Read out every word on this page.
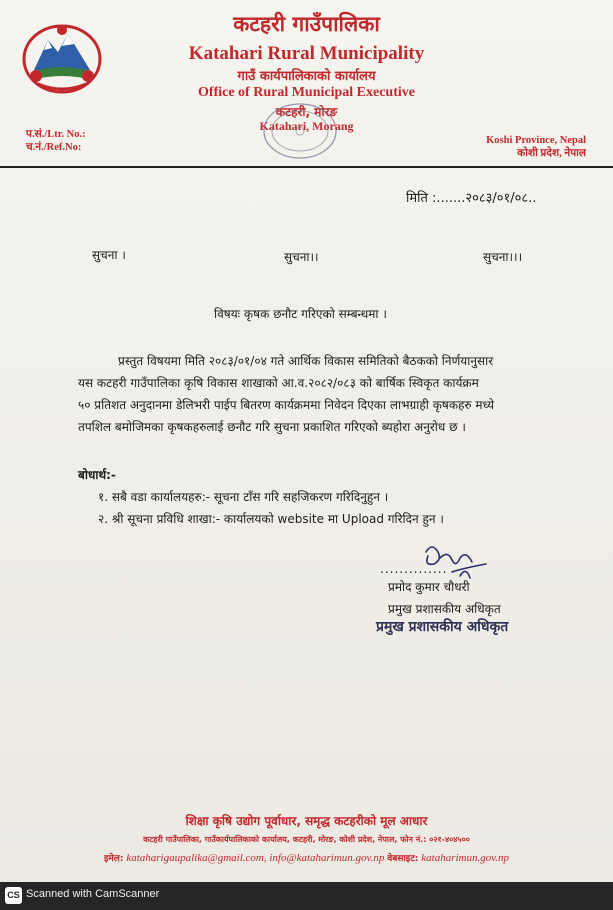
कटहरी गाउँपालिका
Katahari Rural Municipality
गाउँ कार्यपालिकाको कार्यालय
Office of Rural Municipal Executive
कटहरी, मोरङ
Katahari, Morang
प.सं./Ltr. No.:
च.नं./Ref.No:
Koshi Province, Nepal
कोशी प्रदेश, नेपाल
मिति :.......२०८३/०१/०८..
सुचना ।	सुचना।।	सुचना।।।
विषयः कृषक छनौट गरिएको सम्बन्धमा ।

प्रस्तुत विषयमा मिति २०८३/०१/०४ गते आर्थिक विकास समितिको बैठकको निर्णयानुसार

यस कटहरी गाउँपालिका कृषि विकास शाखाको आ.व.२०८२/०८३ को बार्षिक स्विकृत कार्यक्रम

५० प्रतिशत अनुदानमा डेलिभरी पाईप बितरण कार्यक्रममा निवेदन दिएका लाभग्राही कृषकहरु मध्ये

तपशिल बमोजिमका कृषकहरुलाई छनौट गरि सुचना प्रकाशित गरिएको ब्यहोरा अनुरोध छ ।

बोधार्थ:-
१. सबै वडा कार्यालयहरु:- सूचना टाँस गरि सहजिकरण गरिदिनुहुन ।
२. श्री सूचना प्रविधि शाखा:- कार्यालयको website मा Upload गरिदिन हुन ।
..............
प्रमोद कुमार चौधरी
प्रमुख प्रशासकीय अधिकृत
प्रमुख प्रशासकीय अधिकृत
शिक्षा कृषि उद्योग पूर्वाधार, समृद्ध कटहरीको मूल आधार
कटहरी गाउँपालिका, गाउँकार्यपालिकाको कार्यालय, कटहरी, मोरङ, कोशी प्रदेश, नेपाल, फोन नं.: ०२१-४०४५००
इमेल: kataharigaupalika@gmail.com, info@kataharimun.gov.np वेबसाइट: kataharimun.gov.np
CS Scanned with CamScanner
